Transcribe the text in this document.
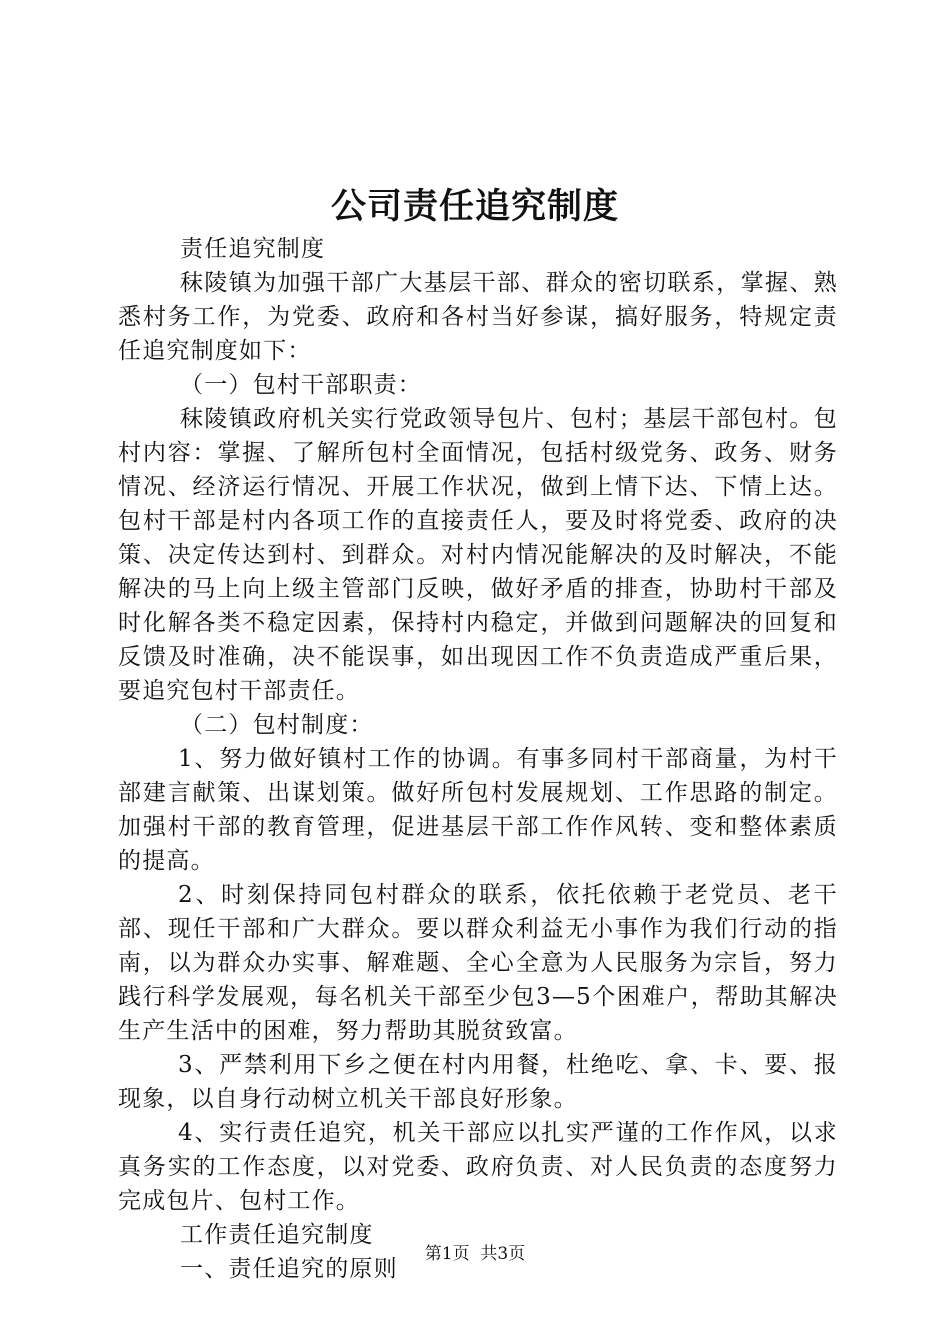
公司责任追究制度

责任追究制度

秣陵镇为加强干部广大基层干部、群众的密切联系，掌握、熟悉村务工作，为党委、政府和各村当好参谋，搞好服务，特规定责任追究制度如下：

（一）包村干部职责：

秣陵镇政府机关实行党政领导包片、包村；基层干部包村。包村内容：掌握、了解所包村全面情况，包括村级党务、政务、财务情况、经济运行情况、开展工作状况，做到上情下达、下情上达。包村干部是村内各项工作的直接责任人，要及时将党委、政府的决策、决定传达到村、到群众。对村内情况能解决的及时解决，不能解决的马上向上级主管部门反映，做好矛盾的排查，协助村干部及时化解各类不稳定因素，保持村内稳定，并做到问题解决的回复和反馈及时准确，决不能误事，如出现因工作不负责造成严重后果，要追究包村干部责任。

（二）包村制度：

1、努力做好镇村工作的协调。有事多同村干部商量，为村干部建言献策、出谋划策。做好所包村发展规划、工作思路的制定。加强村干部的教育管理，促进基层干部工作作风转、变和整体素质的提高。

2、时刻保持同包村群众的联系，依托依赖于老党员、老干部、现任干部和广大群众。要以群众利益无小事作为我们行动的指南，以为群众办实事、解难题、全心全意为人民服务为宗旨，努力践行科学发展观，每名机关干部至少包3—5个困难户，帮助其解决生产生活中的困难，努力帮助其脱贫致富。

3、严禁利用下乡之便在村内用餐，杜绝吃、拿、卡、要、报现象，以自身行动树立机关干部良好形象。

4、实行责任追究，机关干部应以扎实严谨的工作作风，以求真务实的工作态度，以对党委、政府负责、对人民负责的态度努力完成包片、包村工作。

工作责任追究制度

一、责任追究的原则

第1页 共3页
